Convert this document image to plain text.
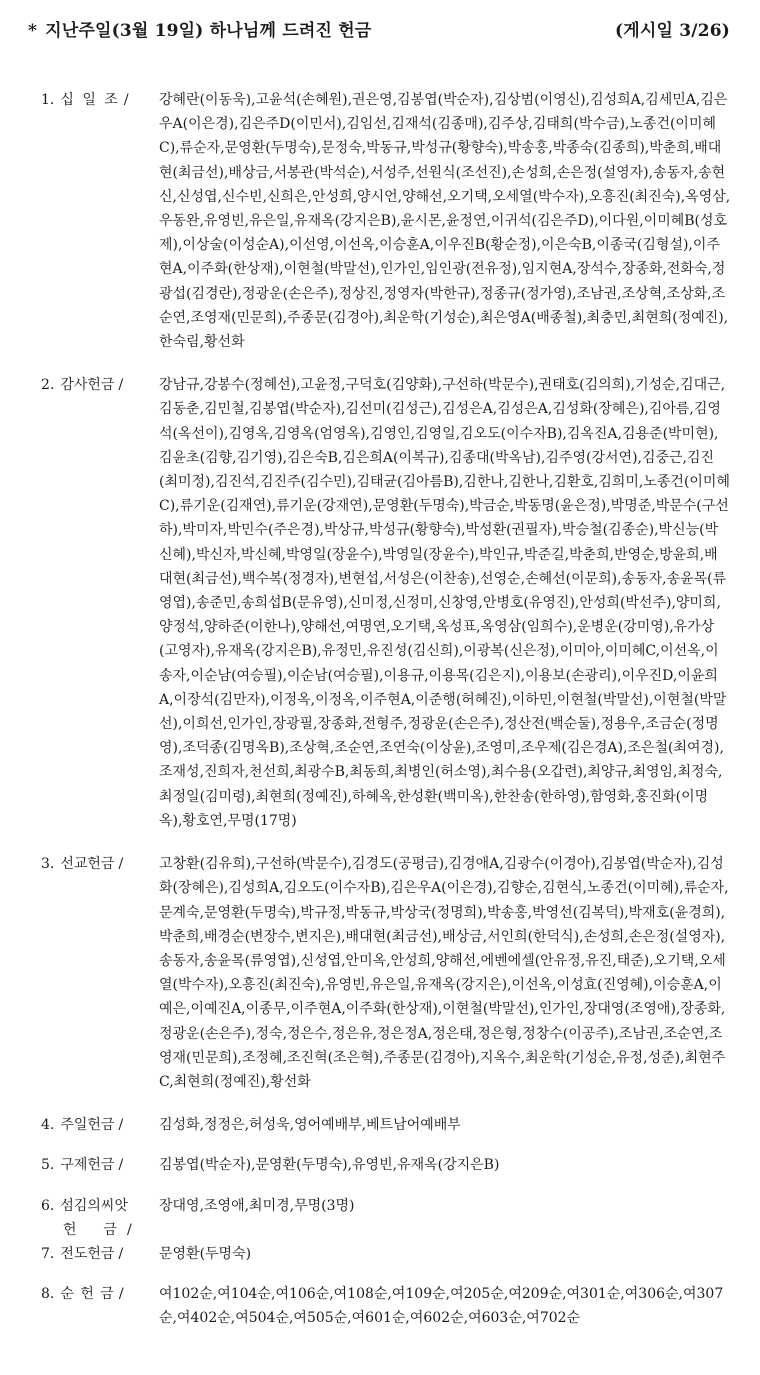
* 지난주일(3월 19일) 하나님께 드려진 헌금	(게시일 3/26)
1. 십 일 조 / 강혜란(이동욱),고윤석(손혜원),권은영,김봉엽(박순자),김상범(이영신),김성희A,김세민A,김은우A(이은경),김은주D(이민서),김임선,김재석(김종매),김주상,김태희(박수금),노종건(이미혜C),류순자,문영환(두명숙),문정숙,박동규,박성규(황향숙),박송홍,박종숙(김종희),박춘희,배대현(최금선),배상금,서봉관(박석순),서성주,선원식(조선진),손성희,손은정(설영자),송동자,송현신,신성엽,신수빈,신희은,안성희,양시언,양해선,오기택,오세열(박수자),오흥진(최진숙),옥영삼,우동완,유영빈,유은일,유재옥(강지은B),윤시몬,윤정연,이귀석(김은주D),이다원,이미혜B(성호제),이상술(이성순A),이선영,이선옥,이승훈A,이우진B(황순정),이은숙B,이종국(김형설),이주현A,이주화(한상재),이현철(박말선),인가인,임인광(전유정),임지현A,장석수,장종화,전화숙,정광섭(김경란),정광운(손은주),정상진,정영자(박한규),정종규(정가영),조남권,조상혁,조상화,조순연,조영재(민문희),주종문(김경아),최운학(기성순),최은영A(배종철),최충민,최현희(정예진),한숙림,황선화
2. 감사헌금 /	강남규,강봉수(정혜선),고윤정,구덕호(김양화),구선하(박문수),권태호(김의희),기성순,김대근,김동춘,김민철,김봉엽(박순자),김선미(김성근),김성은A,김성은A,김성화(장혜은),김아름,김영석(옥선이),김영옥,김영옥(엄영옥),김영인,김영일,김오도(이수자B),김옥진A,김용준(박미현),김윤초(김향,김기영),김은숙B,김은희A(이복규),김종대(박옥남),김주영(강서연),김중근,김진(최미정),김진석,김진주(김수민),김태균(김아름B),김한나,김한나,김환호,김희미,노종건(이미혜C),류기운(김재연),류기운(강재연),문영환(두명숙),박금순,박동명(윤은정),박명준,박문수(구선하),박미자,박민수(주은경),박상규,박성규(황향숙),박성환(권필자),박승철(김종순),박신능(박신혜),박신자,박신혜,박영일(장윤수),박영일(장윤수),박인규,박준길,박춘희,반영순,방윤희,배대현(최금선),백수복(정경자),변현섭,서성은(이찬송),선영순,손혜선(이문희),송동자,송윤목(류영엽),송준민,송희섭B(문유영),신미정,신정미,신창영,안병호(유영진),안성희(박선주),양미희,양정석,양하준(이한나),양해선,여명연,오기택,옥성표,옥영삼(임희수),운병운(강미영),유가상(고영자),유재옥(강지은B),유정민,유진성(김신희),이광복(신은정),이미아,이미혜C,이선옥,이송자,이순남(여승필),이순남(여승필),이용규,이용목(김은지),이용보(손광리),이우진D,이윤희A,이장석(김만자),이정옥,이정옥,이주현A,이준행(허혜진),이하민,이현철(박말선),이현철(박말선),이희선,인가인,장광필,장종화,전형주,정광운(손은주),정산전(백순둘),정용우,조금순(정명영),조덕종(김명옥B),조상혁,조순연,조연숙(이상윤),조영미,조우제(김은경A),조은철(최여경),조재성,진희자,천선희,최광수B,최동희,최병인(허소영),최수용(오갑련),최양규,최영임,최정숙,최정일(김미령),최현희(정예진),하혜옥,한성환(백미옥),한찬송(한하영),함영화,홍진화(이명옥),황호연,무명(17명)
3. 선교헌금 /	고창환(김유희),구선하(박문수),김경도(공평금),김경애A,김광수(이경아),김봉엽(박순자),김성화(장혜은),김성희A,김오도(이수자B),김은우A(이은경),김향순,김현식,노종건(이미혜),류순자,문계숙,문영환(두명숙),박규정,박동규,박상국(정명희),박송홍,박영선(김복덕),박재호(윤경희),박춘희,배경순(변장수,변지은),배대현(최금선),배상금,서인희(한덕식),손성희,손은정(설영자),송동자,송윤목(류영엽),신성엽,안미옥,안성희,양해선,에벤에셀(안유정,유진,태준),오기택,오세열(박수자),오흥진(최진숙),유영빈,유은일,유재옥(강지은),이선옥,이성효(진영혜),이승훈A,이예은,이예진A,이종무,이주현A,이주화(한상재),이현철(박말선),인가인,장대영(조영애),장종화,정광운(손은주),정숙,정은수,정은유,정은정A,정은태,정은형,정창수(이공주),조남권,조순연,조영재(민문희),조정혜,조진혁(조은혁),주종문(김경아),지옥수,최운학(기성순,유정,성준),최현주C,최현희(정예진),황선화
4. 주일헌금 /	김성화,정정은,허성욱,영어예배부,베트남어예배부
5. 구제헌금 /	김봉엽(박순자),문영환(두명숙),유영빈,유재옥(강지은B)
6. 섬김의씨앗
헌  금 /
장대영,조영애,최미경,무명(3명)
7. 전도헌금 /	문영환(두명숙)
8. 순 헌 금 /	여102순,여104순,여106순,여108순,여109순,여205순,여209순,여301순,여306순,여307순,여402순,여504순,여505순,여601순,여602순,여603순,여702순
